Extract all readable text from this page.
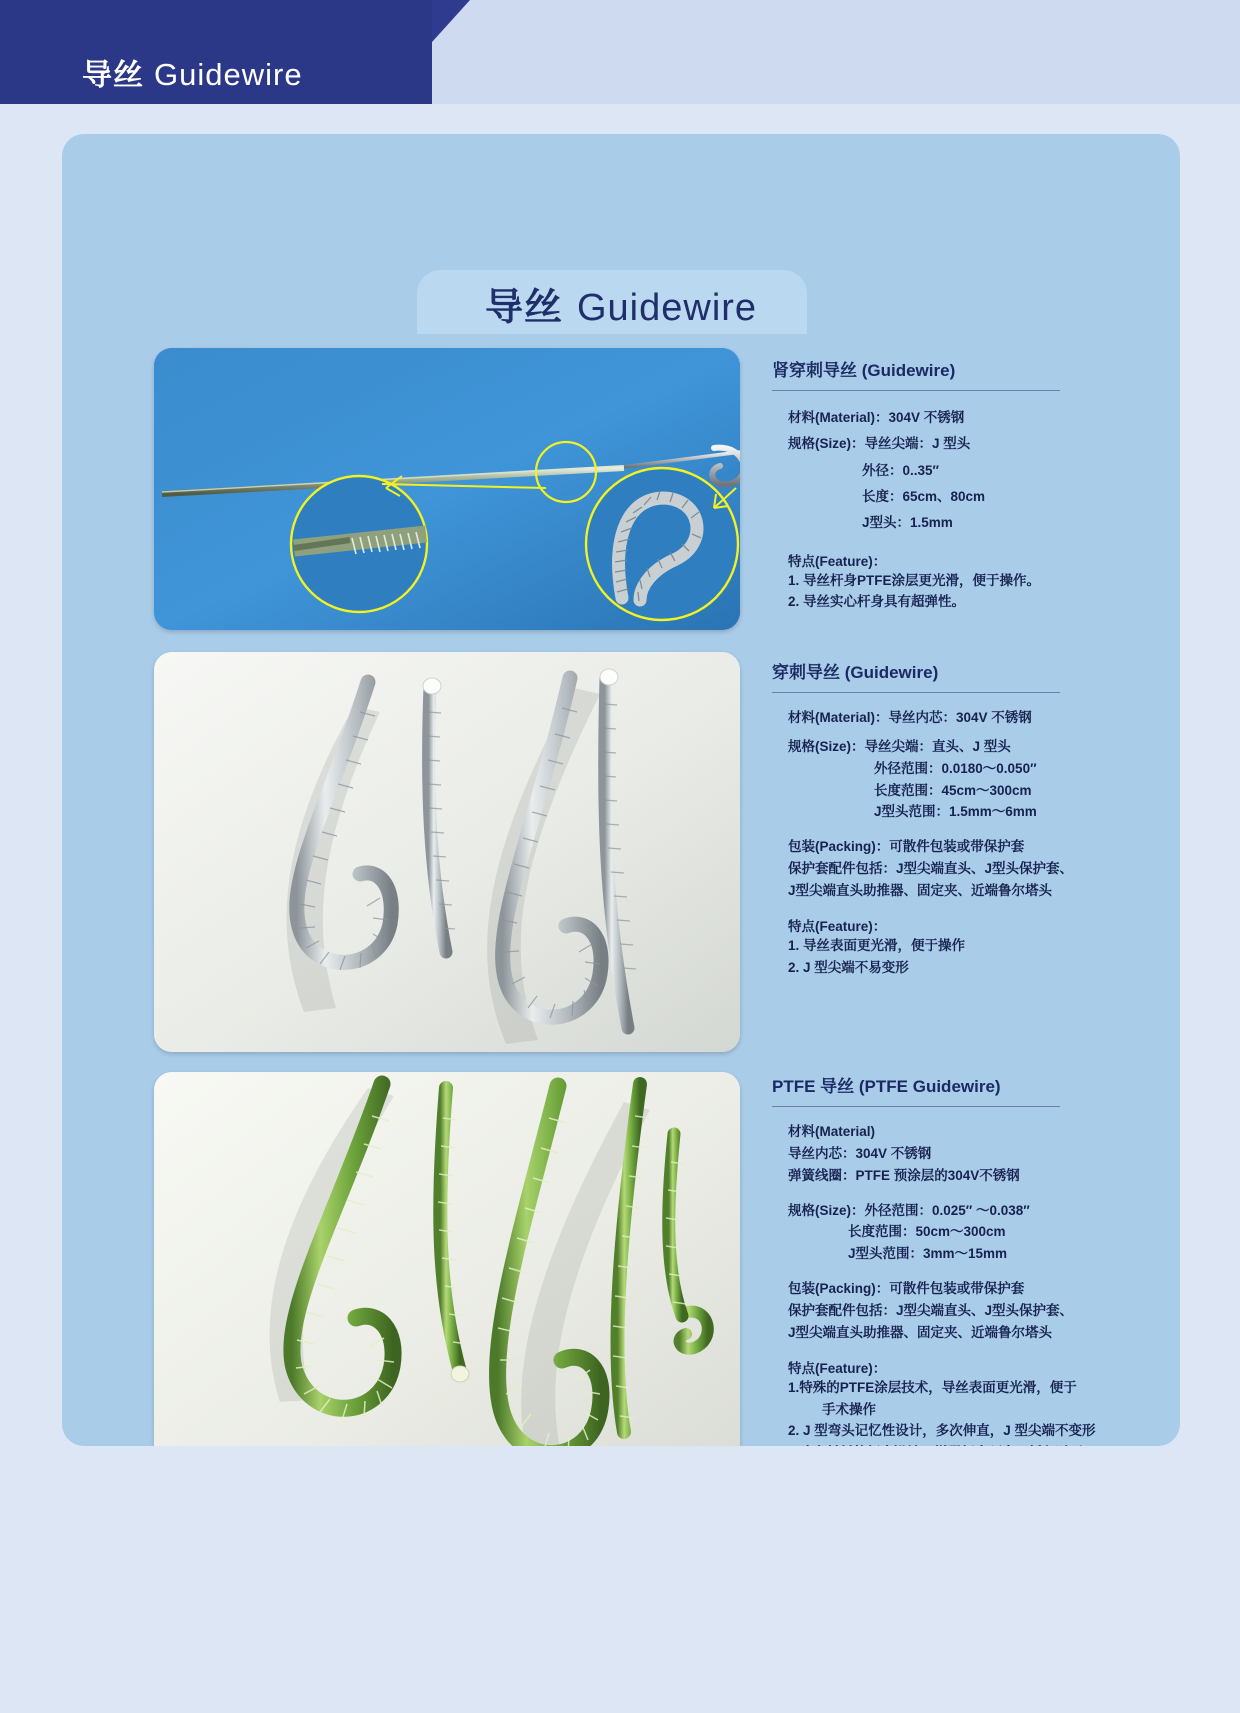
导丝 Guidewire
导丝 Guidewire
肾穿刺导丝 (Guidewire)
材料(Material)：304V 不锈钢
规格(Size)：导丝尖端：J 型头
外径：0..35″
长度：65cm、80cm
J型头：1.5mm
特点(Feature)：
1. 导丝杆身PTFE涂层更光滑，便于操作。
2. 导丝实心杆身具有超弹性。
穿刺导丝 (Guidewire)
材料(Material)：导丝内芯：304V 不锈钢
规格(Size)：导丝尖端：直头、J 型头
外径范围：0.0180～0.050″
长度范围：45cm～300cm
J型头范围：1.5mm～6mm
包装(Packing)：可散件包装或带保护套
保护套配件包括：J型尖端直头、J型头保护套、
J型尖端直头助推器、固定夹、近端鲁尔塔头
特点(Feature)：
1. 导丝表面更光滑，便于操作
2. J 型尖端不易变形
PTFE 导丝 (PTFE Guidewire)
材料(Material)
导丝内芯：304V 不锈钢
弹簧线圈：PTFE 预涂层的304V不锈钢
规格(Size)：外径范围：0.025″ ～0.038″
长度范围：50cm～300cm
J型头范围：3mm～15mm
包装(Packing)：可散件包装或带保护套
保护套配件包括：J型尖端直头、J型头保护套、
J型尖端直头助推器、固定夹、近端鲁尔塔头
特点(Feature)：
1.特殊的PTFE涂层技术，导丝表面更光滑，便于
手术操作
2. J 型弯头记忆性设计，多次伸直，J 型尖端不变形
